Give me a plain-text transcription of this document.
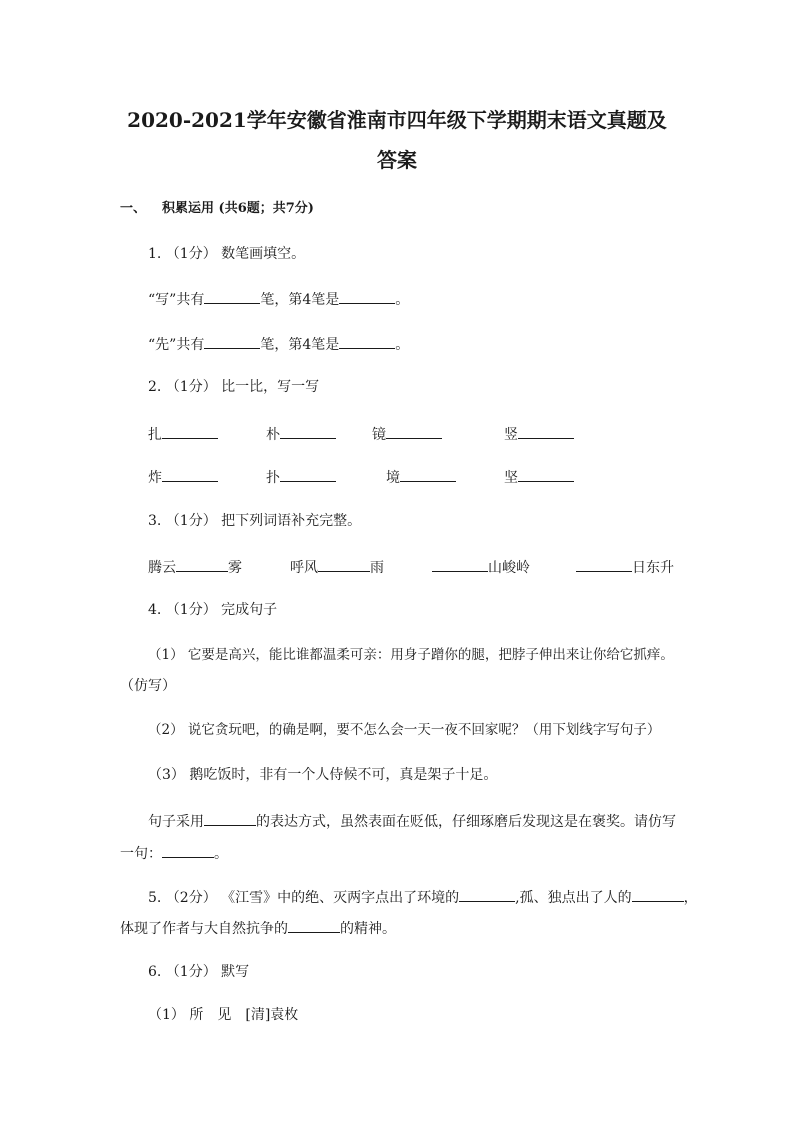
2020-2021学年安徽省淮南市四年级下学期期末语文真题及
答案
一、 积累运用 (共6题；共7分)
1. （1分） 数笔画填空。
“写”共有	笔，第4笔是	。
“先”共有	笔，第4笔是	。
2. （1分） 比一比，写一写
扎	朴	镜	竖
炸	扑	境	坚
3. （1分） 把下列词语补充完整。
腾云	雾	呼风	雨	山峻岭	日东升
4. （1分） 完成句子
（1） 它要是高兴，能比谁都温柔可亲：用身子蹭你的腿，把脖子伸出来让你给它抓痒。
（仿写）
（2） 说它贪玩吧，的确是啊，要不怎么会一天一夜不回家呢？（用下划线字写句子）
（3） 鹅吃饭时，非有一个人侍候不可，真是架子十足。
句子采用	的表达方式，虽然表面在贬低，仔细琢磨后发现这是在褒奖。请仿写
一句：	。
5. （2分） 《江雪》中的绝、灭两字点出了环境的	,孤、独点出了人的	，
体现了作者与大自然抗争的	的精神。
6. （1分） 默写
（1） 所　见　[清]袁枚
